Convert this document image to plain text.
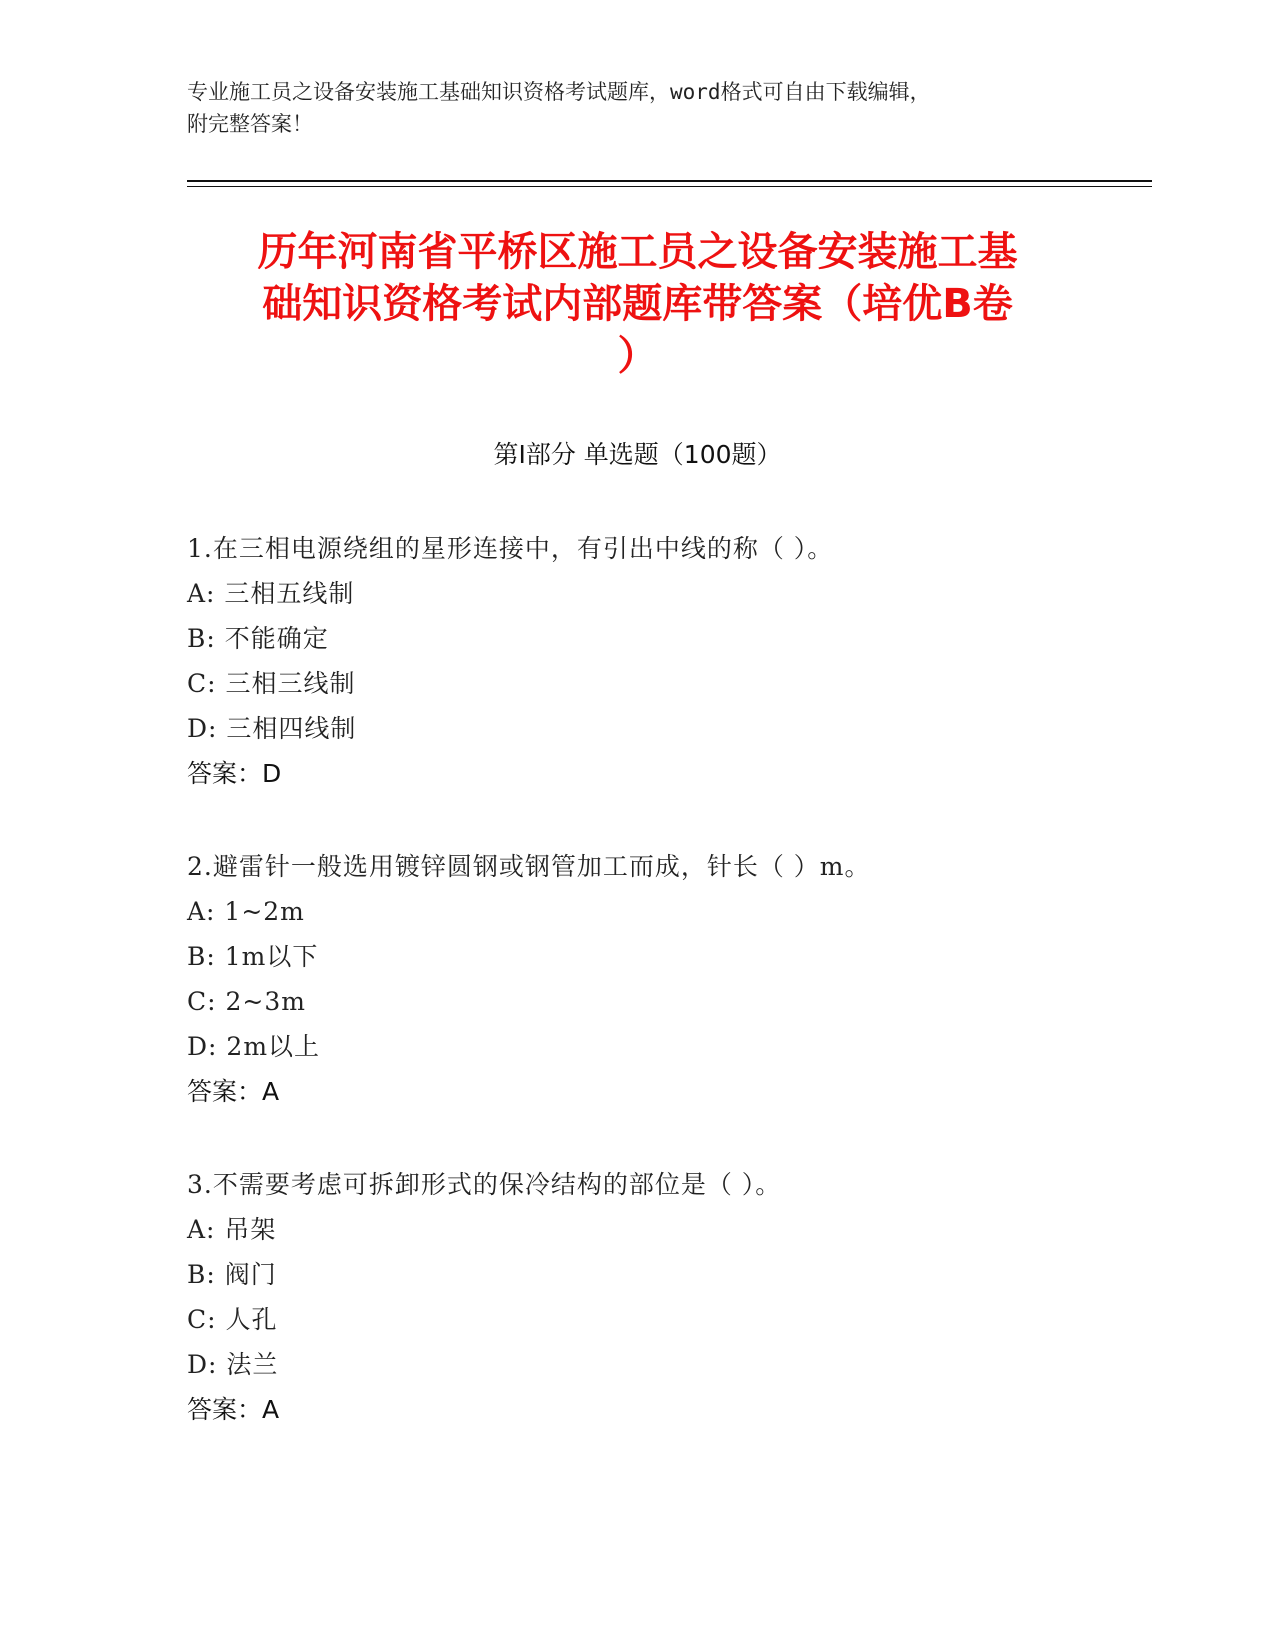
专业施工员之设备安装施工基础知识资格考试题库，word格式可自由下载编辑，
附完整答案！
历年河南省平桥区施工员之设备安装施工基
础知识资格考试内部题库带答案（培优B卷
）
第Ⅰ部分 单选题（100题）
1.在三相电源绕组的星形连接中，有引出中线的称（ ）。
A: 三相五线制
B: 不能确定
C: 三相三线制
D: 三相四线制
答案：D
2.避雷针一般选用镀锌圆钢或钢管加工而成，针长（ ）m。
A: 1~2m
B: 1m以下
C: 2~3m
D: 2m以上
答案：A
3.不需要考虑可拆卸形式的保冷结构的部位是（ ）。
A: 吊架
B: 阀门
C: 人孔
D: 法兰
答案：A
